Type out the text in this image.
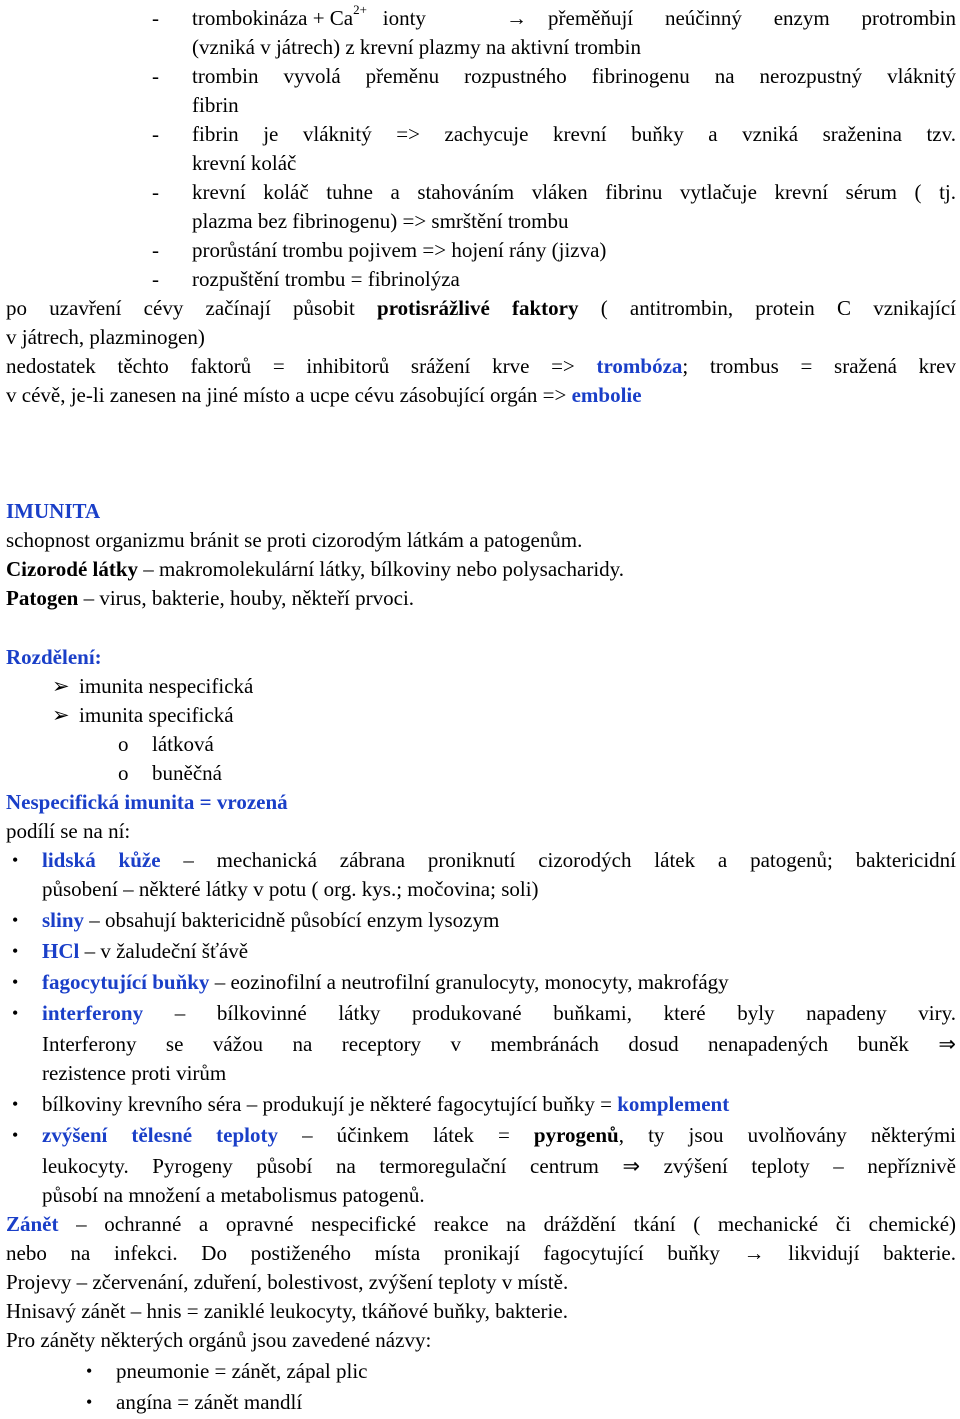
- trombokináza + $Ca^{2+}$ ionty	→ přeměňují neúčinný enzym protrombin
(vzniká v játrech) z krevní plazmy na aktivní trombin
- trombin vyvolá přeměnu rozpustného fibrinogenu na nerozpustný vláknitý
fibrin
- fibrin je vláknitý => zachycuje krevní buňky a vzniká sraženina tzv.
krevní koláč
- krevní koláč tuhne a stahováním vláken fibrinu vytlačuje krevní sérum ( tj.
plazma bez fibrinogenu) => smrštění trombu
- prorůstání trombu pojivem => hojení rány (jizva)
- rozpuštění trombu = fibrinolýza
po uzavření cévy začínají působit protisrážlivé faktory ( antitrombin, protein C vznikající
v játrech, plazminogen)
nedostatek těchto faktorů = inhibitorů srážení krve => trombóza; trombus = sražená krev
v cévě, je-li zanesen na jiné místo a ucpe cévu zásobující orgán => embolie
IMUNITA
schopnost organizmu bránit se proti cizorodým látkám a patogenům.
Cizorodé látky – makromolekulární látky, bílkoviny nebo polysacharidy.
Patogen – virus, bakterie, houby, někteří prvoci.
Rozdělení:
➢ imunita nespecifická
➢ imunita specifická
o látková
o buněčná
Nespecifická imunita = vrozená
podílí se na ní:
• lidská kůže – mechanická zábrana proniknutí cizorodých látek a patogenů; baktericidní
působení – některé látky v potu ( org. kys.; močovina; soli)
• sliny – obsahují baktericidně působící enzym lysozym
• HCl – v žaludeční šťávě
• fagocytující buňky – eozinofilní a neutrofilní granulocyty, monocyty, makrofágy
• interferony – bílkovinné látky produkované buňkami, které byly napadeny viry.
Interferony se vážou na receptory v membránách dosud nenapadených buněk ⇒
rezistence proti virům
• bílkoviny krevního séra – produkují je některé fagocytující buňky = komplement
• zvýšení tělesné teploty – účinkem látek = pyrogenů, ty jsou uvolňovány některými
leukocyty. Pyrogeny působí na termoregulační centrum ⇒ zvýšení teploty – nepříznivě
působí na množení a metabolismus patogenů.
Zánět – ochranné a opravné nespecifické reakce na dráždění tkání ( mechanické či chemické)
nebo na infekci. Do postiženého místa pronikají fagocytující buňky → likvidují bakterie.
Projevy – zčervenání, zduření, bolestivost, zvýšení teploty v místě.
Hnisavý zánět – hnis = zaniklé leukocyty, tkáňové buňky, bakterie.
Pro záněty některých orgánů jsou zavedené názvy:
• pneumonie = zánět, zápal plic
• angína = zánět mandlí
